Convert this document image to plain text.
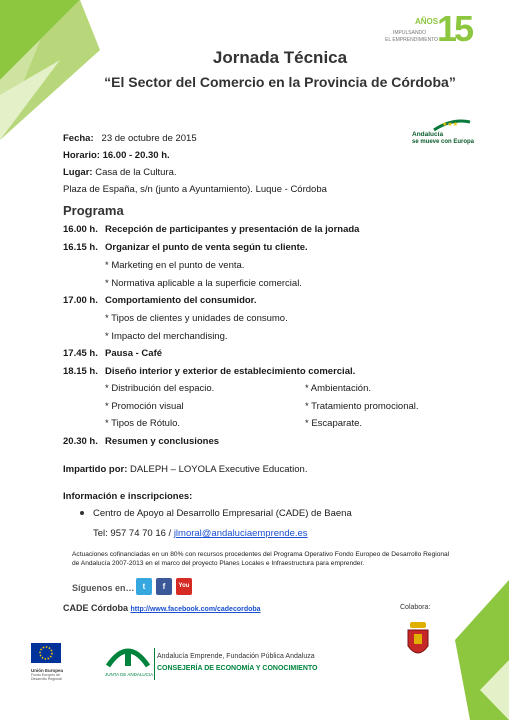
AÑOS
IMPULSANDO
EL EMPRENDIMIENTO
15
Jornada Técnica
“El Sector del Comercio en la Provincia de Córdoba”
★★★
Andalucía
se mueve con Europa
Fecha: 23 de octubre de 2015
Horario: 16.00 - 20.30 h.
Lugar: Casa de la Cultura.
Plaza de España, s/n (junto a Ayuntamiento). Luque - Córdoba
Programa
16.00 h. Recepción de participantes y presentación de la jornada
16.15 h. Organizar el punto de venta según tu cliente.
* Marketing en el punto de venta.
* Normativa aplicable a la superficie comercial.
17.00 h. Comportamiento del consumidor.
* Tipos de clientes y unidades de consumo.
* Impacto del merchandising.
17.45 h. Pausa - Café
18.15 h. Diseño interior y exterior de establecimiento comercial.
* Distribución del espacio.	* Ambientación.
* Promoción visual	* Tratamiento promocional.
* Tipos de Rótulo.	* Escaparate.
20.30 h. Resumen y conclusiones
Impartido por: DALEPH – LOYOLA Executive Education.
Información e inscripciones:
Centro de Apoyo al Desarrollo Empresarial (CADE) de Baena
Tel: 957 74 70 16 / jlmoral@andaluciaemprende.es
Actuaciones cofinanciadas en un 80% con recursos procedentes del Programa Operativo Fondo Europeo de Desarrollo Regional de Andalucía 2007-2013 en el marco del proyecto Planes Locales e Infraestructura para emprender.
Síguenos en…	t	f	You
CADE Córdoba http://www.facebook.com/cadecordoba	Colabora:
Unión Europea
Fondo Europeo de Desarrollo Regional
JUNTA DE ANDALUCIA
Andalucía Emprende, Fundación Pública Andaluza
CONSEJERÍA DE ECONOMÍA Y CONOCIMIENTO
